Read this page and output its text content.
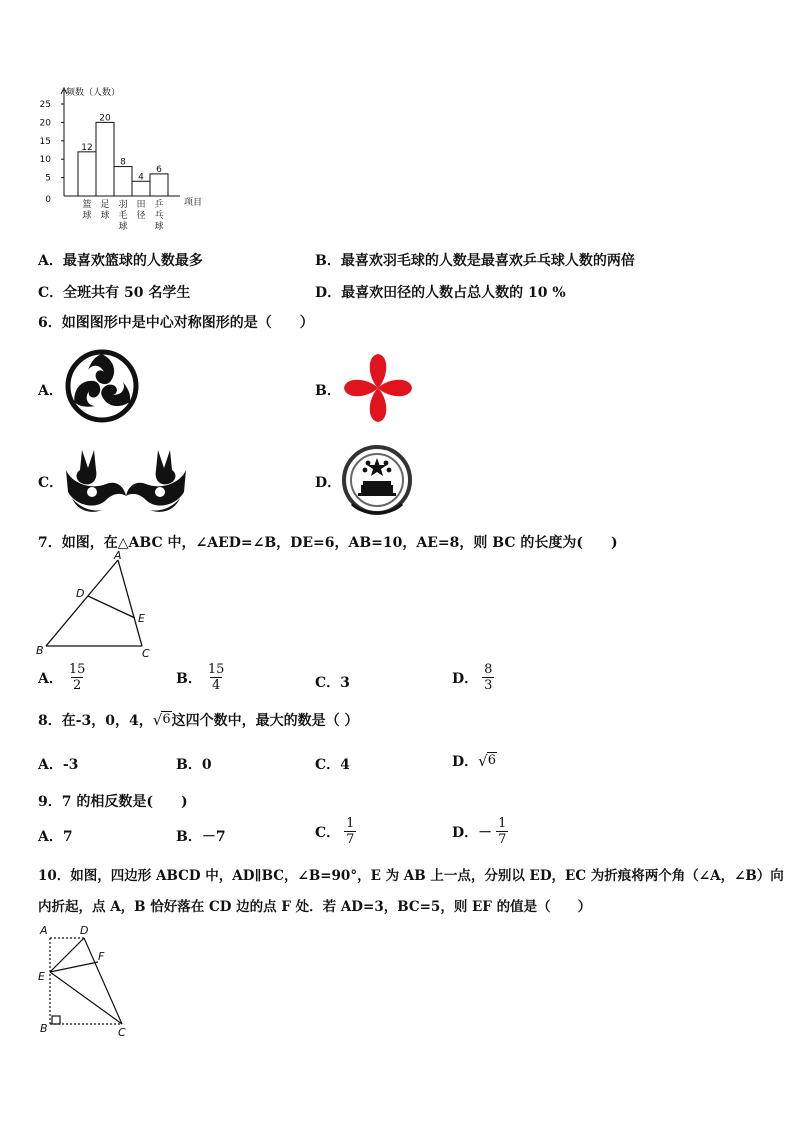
频数（人数）
0
5
10
15
20
25
12
篮
球
20
足
球
8
羽
毛
球
4
田
径
6
乒
乓
球
项目
A．最喜欢篮球的人数最多	B．最喜欢羽毛球的人数是最喜欢乒乓球人数的两倍
C．全班共有 50 名学生	D．最喜欢田径的人数占总人数的 10 %
6．如图图形中是中心对称图形的是（　　）
A．	B．
C．	D．
7．如图，在△ABC 中，∠AED=∠B，DE=6，AB=10，AE=8，则 BC 的长度为(　　)
A
B	C
D
E
A． $\frac{15}{2}$	B． $\frac{15}{4}$	C．3	D． $\frac{8}{3}$
8．在-3，0，4， √ 6 这四个数中，最大的数是（ ）
A．-3	B．0	C．4	D． √ 6
9．7 的相反数是(　　)
A．7	B．－7	C． $\frac{1}{7}$	D．－ $\frac{1}{7}$
10．如图，四边形 ABCD 中，AD∥BC，∠B=90°，E 为 AB 上一点，分别以 ED，EC 为折痕将两个角（∠A，∠B）向
内折起，点 A，B 恰好落在 CD 边的点 F 处．若 AD=3，BC=5，则 EF 的值是（　　）
A
B	C
D
E
F
